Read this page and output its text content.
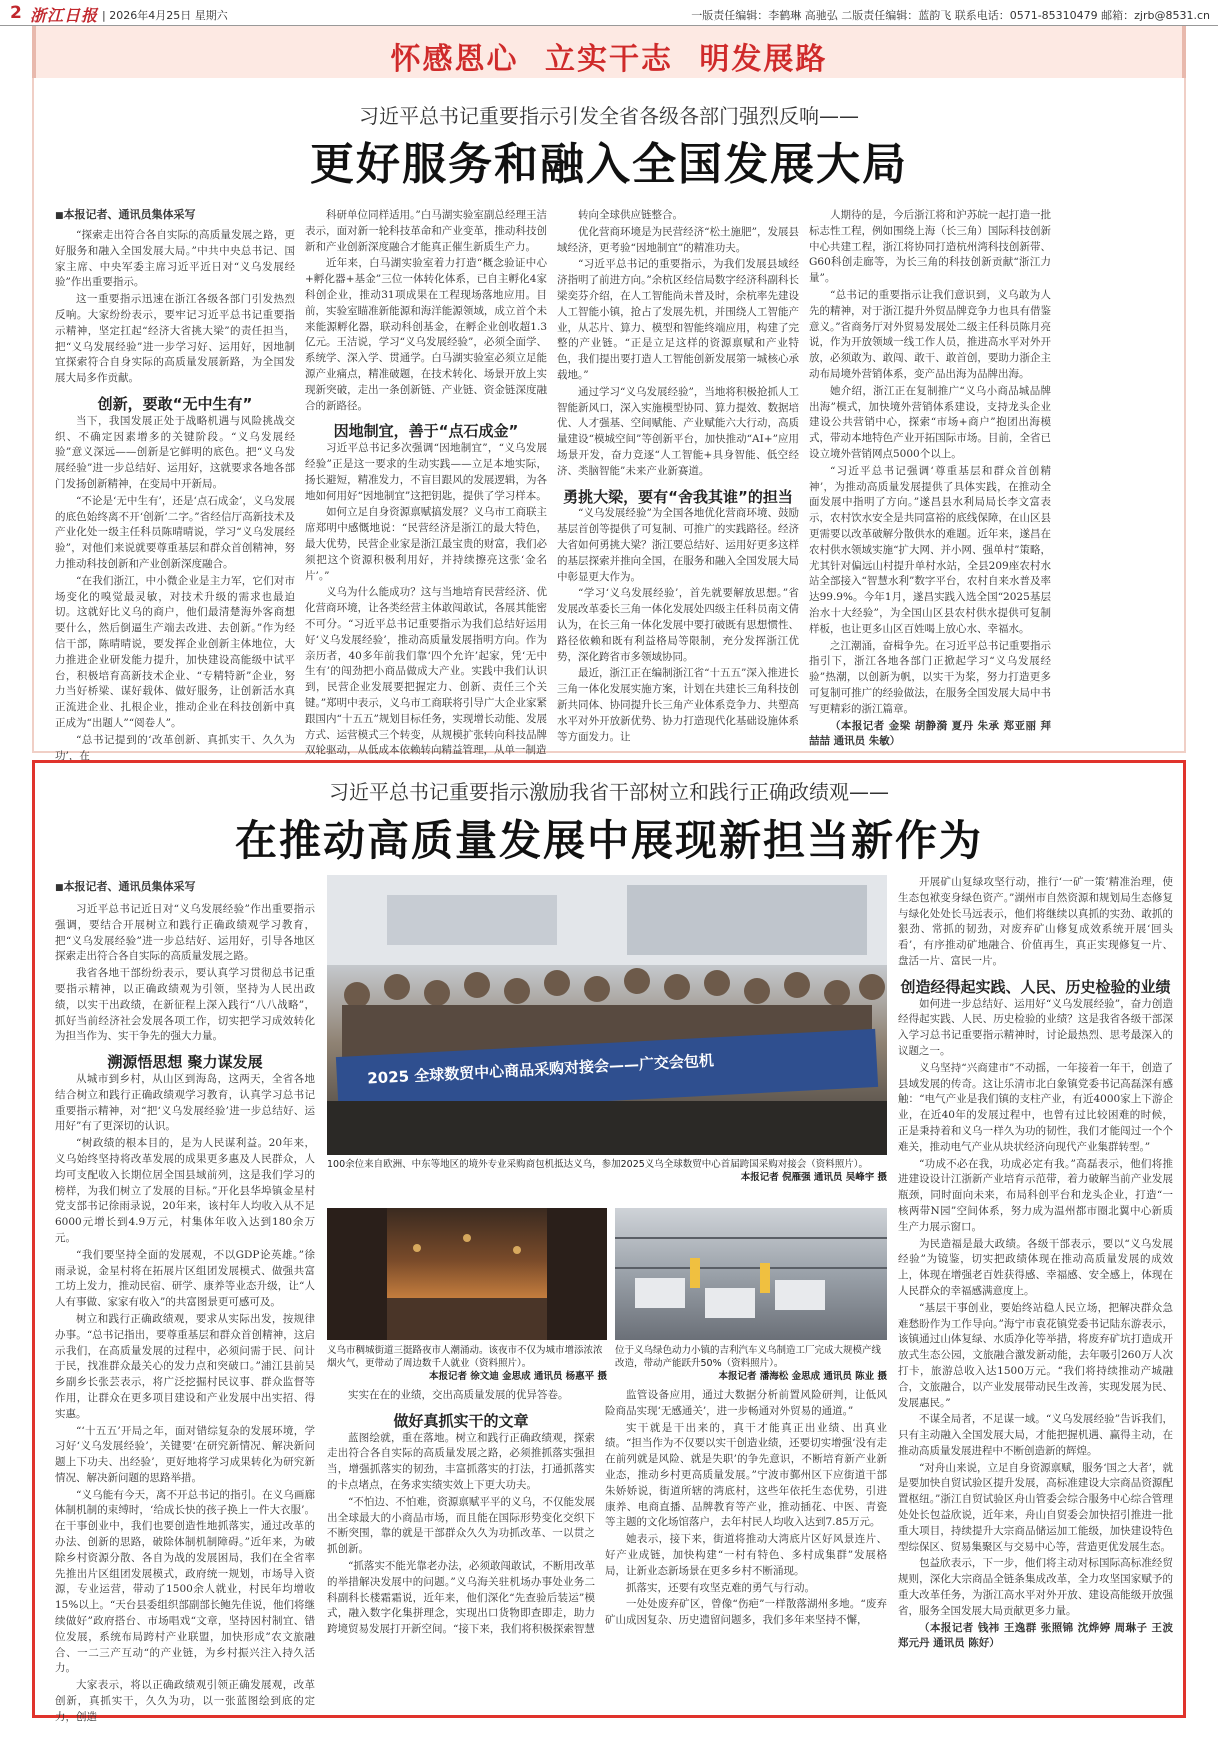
2 浙江日报 | 2026年4月25日 星期六	一版责任编辑：李鹤琳 高驰弘 二版责任编辑：蓝韵飞 联系电话：0571-85310479 邮箱：zjrb@8531.cn
怀感恩心 立实干志 明发展路
习近平总书记重要指示引发全省各级各部门强烈反响——
更好服务和融入全国发展大局
■ 本报记者、通讯员集体采写

“探索走出符合各自实际的高质量发展之路，更好服务和融入全国发展大局。”中共中央总书记、国家主席、中央军委主席习近平近日对“义乌发展经验”作出重要指示。

这一重要指示迅速在浙江各级各部门引发热烈反响。大家纷纷表示，要牢记习近平总书记重要指示精神，坚定扛起“经济大省挑大梁”的责任担当，把“义乌发展经验”进一步学习好、运用好，因地制宜探索符合自身实际的高质量发展新路，为全国发展大局多作贡献。

创新，要敢“无中生有”

当下，我国发展正处于战略机遇与风险挑战交织、不确定因素增多的关键阶段。“义乌发展经验”意义深远——创新是它鲜明的底色。把“义乌发展经验”进一步总结好、运用好，这就要求各地各部门发扬创新精神，在变局中开新局。

“不论是‘无中生有’，还是‘点石成金’，义乌发展的底色始终离不开‘创新’二字。”省经信厅高新技术及产业化处一级主任科员陈晴晴说，学习“义乌发展经验”，对他们来说就要尊重基层和群众首创精神，努力推动科技创新和产业创新深度融合。

“在我们浙江，中小微企业是主力军，它们对市场变化的嗅觉最灵敏，对技术升级的需求也最迫切。这就好比义乌的商户，他们最清楚海外客商想要什么，然后倒逼生产端去改进、去创新。”作为经信干部，陈晴晴说，要发挥企业创新主体地位，大力推进企业研发能力提升，加快建设高能级中试平台，积极培育高新技术企业、“专精特新”企业，努力当好桥梁、谋好载体、做好服务，让创新活水真正流进企业、扎根企业，推动企业在科技创新中真正成为“出题人”“阅卷人”。

“总书记提到的‘改革创新、真抓实干、久久为功’，在

科研单位同样适用。”白马湖实验室副总经理王洁表示，面对新一轮科技革命和产业变革，推动科技创新和产业创新深度融合才能真正催生新质生产力。

近年来，白马湖实验室着力打造“概念验证中心+孵化器+基金”三位一体转化体系，已自主孵化4家科创企业，推动31项成果在工程现场落地应用。目前，实验室瞄准新能源和海洋能源领域，成立首个未来能源孵化器，联动科创基金，在孵企业创收超1.3亿元。王洁说，学习“义乌发展经验”，必须全面学、系统学、深入学、贯通学。白马湖实验室必须立足能源产业痛点，精准破题，在技术转化、场景开放上实现新突破，走出一条创新链、产业链、资金链深度融合的新路径。

因地制宜，善于“点石成金”

习近平总书记多次强调“因地制宜”，“义乌发展经验”正是这一要求的生动实践——立足本地实际，扬长避短，精准发力，不盲目跟风的发展逻辑，为各地如何用好“因地制宜”这把钥匙，提供了学习样本。

如何立足自身资源禀赋搞发展？义乌市工商联主席郑明中感慨地说：“民营经济是浙江的最大特色，最大优势，民营企业家是浙江最宝贵的财富，我们必须把这个资源积极利用好，并持续擦亮这张‘金名片’。”

义乌为什么能成功？这与当地培育民营经济、优化营商环境，让各类经营主体敢闯敢试，各展其能密不可分。“习近平总书记重要指示为我们总结好运用好‘义乌发展经验’，推动高质量发展指明方向。作为亲历者，40多年前我们靠‘四个允许’起家，凭‘无中生有’的闯劲把小商品做成大产业。实践中我们认识到，民营企业发展要把握定力、创新、责任三个关键。”郑明中表示，义乌市工商联将引导广大企业家紧跟国内“十五五”规划目标任务，实现增长动能、发展方式、运营模式三个转变，从规模扩张转向科技品牌双轮驱动，从低成本依赖转向精益管理，从单一制造

转向全球供应链整合。

优化营商环境是为民营经济“松土施肥”，发展县域经济，更考验“因地制宜”的精准功夫。

“习近平总书记的重要指示，为我们发展县域经济指明了前进方向。”余杭区经信局数字经济科副科长梁奕芬介绍，在人工智能尚未普及时，余杭率先建设人工智能小镇，抢占了发展先机，并围绕人工智能产业，从芯片、算力、模型和智能终端应用，构建了完整的产业链。“正是立足这样的资源禀赋和产业特色，我们提出要打造人工智能创新发展第一城核心承载地。”

通过学习“义乌发展经验”，当地将积极抢抓人工智能新风口，深入实施模型协同、算力提效、数据培优、人才强基、空间赋能、产业赋能六大行动，高质量建设“模城空间”等创新平台，加快推动“AI+”应用场景开发，奋力竞逐“人工智能+具身智能、低空经济、类脑智能”未来产业新赛道。

勇挑大梁，要有“舍我其谁”的担当

“义乌发展经验”为全国各地优化营商环境、鼓励基层首创等提供了可复制、可推广的实践路径。经济大省如何勇挑大梁？浙江要总结好、运用好更多这样的基层探索并推向全国，在服务和融入全国发展大局中彰显更大作为。

“学习‘义乌发展经验’，首先就要解放思想。”省发展改革委长三角一体化发展处四级主任科员南文倩认为，在长三角一体化发展中要打破既有思想惯性、路径依赖和既有利益格局等限制，充分发挥浙江优势，深化跨省市多领域协同。

最近，浙江正在编制浙江省“十五五”深入推进长三角一体化发展实施方案，计划在共建长三角科技创新共同体、协同提升长三角产业体系竞争力、共塑高水平对外开放新优势、协力打造现代化基础设施体系等方面发力。让

人期待的是，今后浙江将和沪苏皖一起打造一批标志性工程，例如围绕上海（长三角）国际科技创新中心共建工程，浙江将协同打造杭州湾科技创新带、G60科创走廊等，为长三角的科技创新贡献“浙江力量”。

“总书记的重要指示让我们意识到，义乌敢为人先的精神，对于浙江提升外贸品牌竞争力也具有借鉴意义。”省商务厅对外贸易发展处二级主任科员陈月亮说，作为开放领域一线工作人员，推进高水平对外开放，必须敢为、敢闯、敢干、敢首创，要助力浙企主动布局境外营销体系，变产品出海为品牌出海。

她介绍，浙江正在复制推广“义乌小商品城品牌出海”模式，加快境外营销体系建设，支持龙头企业建设公共营销中心，探索“市场+商户”抱团出海模式，带动本地特色产业开拓国际市场。目前，全省已设立境外营销网点5000个以上。

“习近平总书记强调‘尊重基层和群众首创精神’，为推动高质量发展提供了具体实践，在推动全面发展中指明了方向。”遂昌县水利局局长李文富表示，农村饮水安全是共同富裕的底线保障，在山区县更需要以改革破解分散供水的难题。近年来，遂昌在农村供水领域实施“扩大网、并小网、强单村”策略，尤其针对偏远山村提升单村水站，全县209座农村水站全部接入“智慧水利”数字平台，农村自来水普及率达99.9%。今年1月，遂昌实践入选全国“2025基层治水十大经验”，为全国山区县农村供水提供可复制样板，也让更多山区百姓喝上放心水、幸福水。

之江潮涌，奋楫争先。在习近平总书记重要指示指引下，浙江各地各部门正掀起学习“义乌发展经验”热潮，以创新为帆，以实干为桨，努力打造更多可复制可推广的经验做法，在服务全国发展大局中书写更精彩的浙江篇章。

（本报记者 金梁 胡静漪 夏丹 朱承 郑亚丽 拜喆喆 通讯员 朱敏）

习近平总书记重要指示激励我省干部树立和践行正确政绩观——
在推动高质量发展中展现新担当新作为
■ 本报记者、通讯员集体采写

习近平总书记近日对“义乌发展经验”作出重要指示强调，要结合开展树立和践行正确政绩观学习教育，把“义乌发展经验”进一步总结好、运用好，引导各地区探索走出符合各自实际的高质量发展之路。

我省各地干部纷纷表示，要认真学习贯彻总书记重要指示精神，以正确政绩观为引领，坚持为人民出政绩，以实干出政绩，在新征程上深入践行“八八战略”，抓好当前经济社会发展各项工作，切实把学习成效转化为担当作为、实干争先的强大力量。

溯源悟思想 聚力谋发展

从城市到乡村，从山区到海岛，这两天，全省各地结合树立和践行正确政绩观学习教育，认真学习总书记重要指示精神，对“把‘义乌发展经验’进一步总结好、运用好”有了更深切的认识。

“树政绩的根本目的，是为人民谋利益。20年来，义乌始终坚持将改革发展的成果更多惠及人民群众，人均可支配收入长期位居全国县域前列，这是我们学习的榜样，为我们树立了发展的目标。”开化县华埠镇金星村党支部书记徐雨录说，20年来，该村年人均收入从不足6000元增长到4.9万元，村集体年收入达到180余万元。

“我们要坚持全面的发展观，不以GDP论英雄。”徐雨录说，金星村将在拓展片区组团发展模式、做强共富工坊上发力，推动民宿、研学、康养等业态升级，让“人人有事做、家家有收入”的共富图景更可感可及。

树立和践行正确政绩观，要求从实际出发，按规律办事。“总书记指出，要尊重基层和群众首创精神，这启示我们，在高质量发展的过程中，必须问需于民、问计于民，找准群众最关心的发力点和突破口。”浦江县前吴乡副乡长张芸表示，将广泛挖掘村民议事、群众监督等作用，让群众在更多项目建设和产业发展中出实招、得实惠。

“‘十五五’开局之年，面对错综复杂的发展环境，学习好‘义乌发展经验’，关键要‘在研究新情况、解决新问题上下功夫、出经验’，更好地将学习成果转化为研究新情况、解决新问题的思路举措。

“义乌能有今天，离不开总书记的指引。在义乌画廊体制机制的束缚时，‘给成长快的孩子换上一件大衣服’。在干事创业中，我们也要创造性地抓落实，通过改革的办法、创新的思路，破除体制机制障碍。”近年来，为破除乡村资源分散、各自为战的发展困局，我们在全省率先推出片区组团发展模式，政府统一规划，市场导入资源，专业运营，带动了1500余人就业，村民年均增收15%以上。“天台县委组织部副部长鲍先佳说，他们将继续做好”政府搭台、市场唱戏“文章，坚持因村制宜、错位发展，系统布局跨村产业联盟，加快形成”农文旅融合、一二三产互动“的产业链，为乡村振兴注入持久活力。

大家表示，将以正确政绩观引领正确发展观，改革创新，真抓实干，久久为功，以一张蓝图绘到底的定力，创造

2025 全球数贸中心商品采购对接会——广交会包机
100余位来自欧洲、中东等地区的境外专业采购商包机抵达义乌，参加2025义乌全球数贸中心首届跨国采购对接会（资料照片）。
本报记者 倪雁强 通讯员 吴峰宇 摄
义乌市稠城街道三挺路夜市人潮涌动。该夜市不仅为城市增添浓浓烟火气，更带动了周边数千人就业（资料照片）。
本报记者 徐文迪 金思成 通讯员 杨惠平 摄
位于义乌绿色动力小镇的吉利汽车义乌制造工厂完成大规模产线改造，带动产能跃升50%（资料照片）。
本报记者 潘海松 金思成 通讯员 陈业 摄

实实在在的业绩，交出高质量发展的优异答卷。

做好真抓实干的文章

蓝图绘就，重在落地。树立和践行正确政绩观，探索走出符合各自实际的高质量发展之路，必须推抓落实强担当，增强抓落实的韧劲，丰富抓落实的打法，打通抓落实的卡点堵点，在务求实绩实效上下更大功夫。

“不怕边、不怕难，资源禀赋平平的义乌，不仅能发展出全球最大的小商品市场，而且能在国际形势变化交织下不断突围，靠的就是干部群众久久为功抓改革、一以贯之抓创新。

“抓落实不能光靠老办法，必须敢闯敢试，不断用改革的举措解决发展中的问题。”义乌海关驻机场办事处业务二科副科长楼霜霜说，近年来，他们深化“先查验后装运”模式，融入数字化集拼理念，实现出口货物即查即走，助力跨境贸易发展打开新空间。“接下来，我们将积极探索智慧

监管设备应用，通过大数据分析前置风险研判，让低风险商品实现‘无感通关’，进一步畅通对外贸易的通道。”

实干就是干出来的，真干才能真正出业绩、出真业绩。“担当作为不仅要以实干创造业绩，还要切实增强‘没有走在前列就是风险、就是失职’的争先意识，不断培育新产业新业态，推动乡村更高质量发展。”宁波市鄞州区下应街道干部朱娇娇说，街道所辖的湾底村，这些年依托生态优势，引进康养、电商直播、品牌教育等产业，推动插花、中医、青瓷等主题的文化场馆落户，去年村民人均收入达到7.85万元。

她表示，接下来，街道将推动大湾底片区好风景连片、好产业成链，加快构建“一村有特色、多村成集群”发展格局，让新业态新场景在更多乡村不断涌现。

抓落实，还要有攻坚克难的勇气与行动。

一处处废弃矿区，曾像“伤疤”一样散落湖州多地。“废弃矿山成因复杂、历史遗留问题多，我们多年来坚持不懈，

开展矿山复绿攻坚行动，推行‘一矿一策’精准治理，使生态包袱变身绿色资产。”湖州市自然资源和规划局生态修复与绿化处处长马远表示，他们将继续以真抓的实劲、敢抓的狠劲、常抓的韧劲，对废弃矿山修复成效系统开展‘回头看’，有序推动矿地融合、价值再生，真正实现修复一片、盘活一片、富民一片。

创造经得起实践、人民、历史检验的业绩

如何进一步总结好、运用好“义乌发展经验”，奋力创造经得起实践、人民、历史检验的业绩？这是我省各级干部深入学习总书记重要指示精神时，讨论最热烈、思考最深入的议题之一。

义乌坚持“兴商建市”不动摇，一年接着一年干，创造了县域发展的传奇。这让乐清市北白象镇党委书记高磊深有感触：“电气产业是我们镇的支柱产业，有近4000家上下游企业，在近40年的发展过程中，也曾有过比较困难的时候，正是秉持着和义乌一样久为功的韧性，我们才能闯过一个个难关，推动电气产业从块状经济向现代产业集群转型。”

“功成不必在我，功成必定有我。”高磊表示，他们将推进建设设计江浙新产业培育示范带，着力破解当前产业发展瓶颈，同时面向未来，布局科创平台和龙头企业，打造“一核两带N园”空间体系，努力成为温州都市圈北翼中心新质生产力展示窗口。

为民造福是最大政绩。各级干部表示，要以“义乌发展经验”为镜鉴，切实把政绩体现在推动高质量发展的成效上，体现在增强老百姓获得感、幸福感、安全感上，体现在人民群众的幸福感满意度上。

“基层干事创业，要始终站稳人民立场，把解决群众急难愁盼作为工作导向。”海宁市袁花镇党委书记陆东游表示，该镇通过山体复绿、水质净化等举措，将废弃矿坑打造成开放式生态公园，文旅融合激发新动能，去年吸引260万人次打卡，旅游总收入达1500万元。“我们将持续推动产城融合，文旅融合，以产业发展带动民生改善，实现发展为民、发展惠民。”

不谋全局者，不足谋一域。“义乌发展经验”告诉我们，只有主动融入全国发展大局，才能把握机遇、赢得主动，在推动高质量发展进程中不断创造新的辉煌。

“对舟山来说，立足自身资源禀赋，服务‘国之大者’，就是要加快自贸试验区提升发展，高标准建设大宗商品资源配置枢纽。”浙江自贸试验区舟山管委会综合服务中心综合管理处处长包益欣说，近年来，舟山自贸委会加快招引推进一批重大项目，持续提升大宗商品储运加工能级，加快建设特色型综保区、贸易集聚区与交易中心等，营造更优发展生态。

包益欣表示，下一步，他们将主动对标国际高标准经贸规则，深化大宗商品全链条集成改革，全力攻坚国家赋予的重大改革任务，为浙江高水平对外开放、建设高能级开放强省，服务全国发展大局贡献更多力量。

（本报记者 钱祎 王逸群 张照锦 沈烨婷 周琳子 王波 郑元丹 通讯员 陈好）
